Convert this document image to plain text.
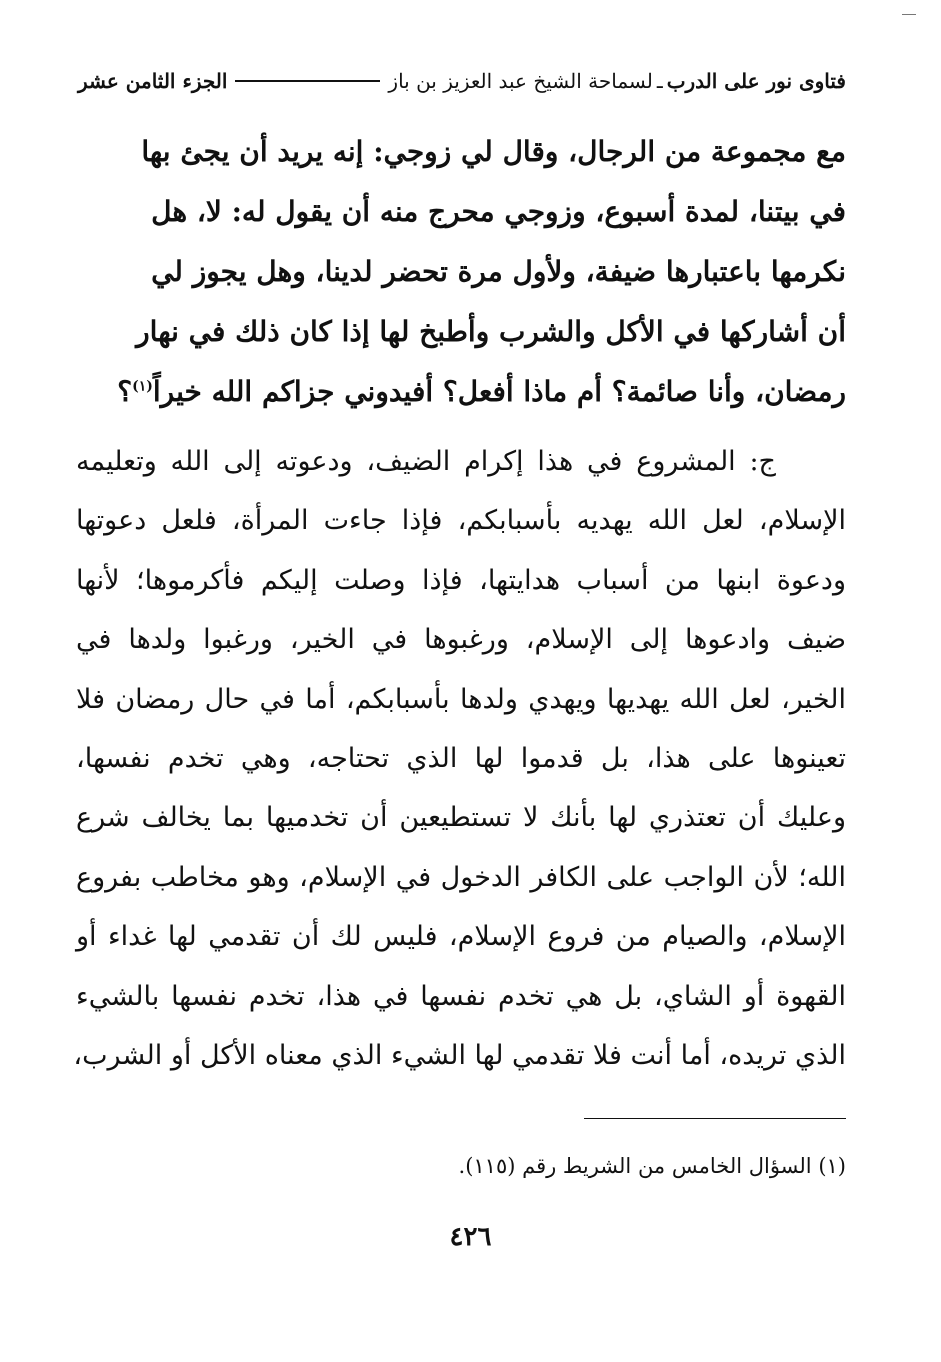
فتاوى نور على الدرب
ـ
لسماحة الشيخ عبد العزيز بن باز
الجزء الثامن عشر
مع مجموعة من الرجال، وقال لي زوجي: إنه يريد أن يجئ بها
في بيتنا، لمدة أسبوع، وزوجي محرج منه أن يقول له: لا، هل
نكرمها باعتبارها ضيفة، ولأول مرة تحضر لدينا، وهل يجوز لي
أن أشاركها في الأكل والشرب وأطبخ لها إذا كان ذلك في نهار
رمضان، وأنا صائمة؟ أم ماذا أفعل؟ أفيدوني جزاكم الله خيراً$^{(١)}$؟
ج: المشروع في هذا إكرام الضيف، ودعوته إلى الله وتعليمه
الإسلام، لعل الله يهديه بأسبابكم، فإذا جاءت المرأة، فلعل دعوتها
ودعوة ابنها من أسباب هدايتها، فإذا وصلت إليكم فأكرموها؛ لأنها
ضيف وادعوها إلى الإسلام، ورغبوها في الخير، ورغبوا ولدها في
الخير، لعل الله يهديها ويهدي ولدها بأسبابكم، أما في حال رمضان فلا
تعينوها على هذا، بل قدموا لها الذي تحتاجه، وهي تخدم نفسها،
وعليك أن تعتذري لها بأنك لا تستطيعين أن تخدميها بما يخالف شرع
الله؛ لأن الواجب على الكافر الدخول في الإسلام، وهو مخاطب بفروع
الإسلام، والصيام من فروع الإسلام، فليس لك أن تقدمي لها غداء أو
القهوة أو الشاي، بل هي تخدم نفسها في هذا، تخدم نفسها بالشيء
الذي تريده، أما أنت فلا تقدمي لها الشيء الذي معناه الأكل أو الشرب،
(١) السؤال الخامس من الشريط رقم (١١٥).
٤٢٦
